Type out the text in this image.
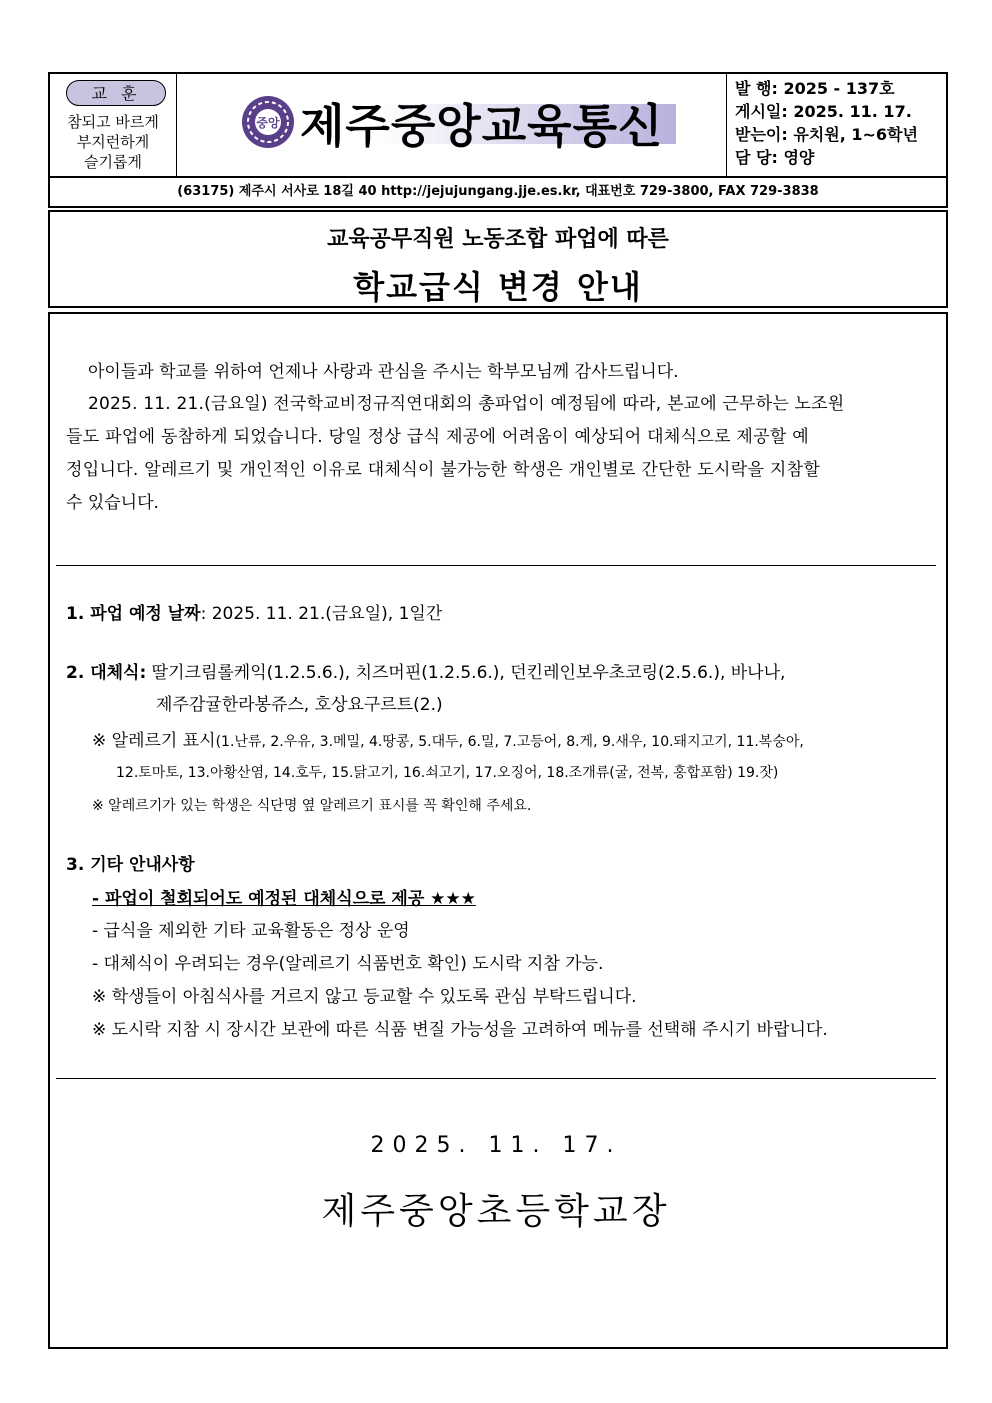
교훈
참되고 바르게
부지런하게
슬기롭게
중앙 제주중앙교육통신
발 행: 2025 - 137호
게시일: 2025. 11. 17.
받는이: 유치원, 1~6학년
담 당: 영양
(63175) 제주시 서사로 18길 40 http://jejujungang.jje.es.kr, 대표번호 729-3800, FAX 729-3838
교육공무직원 노동조합 파업에 따른
학교급식 변경 안내
아이들과 학교를 위하여 언제나 사랑과 관심을 주시는 학부모님께 감사드립니다.
2025. 11. 21.(금요일) 전국학교비정규직연대회의 총파업이 예정됨에 따라, 본교에 근무하는 노조원
들도 파업에 동참하게 되었습니다. 당일 정상 급식 제공에 어려움이 예상되어 대체식으로 제공할 예
정입니다. 알레르기 및 개인적인 이유로 대체식이 불가능한 학생은 개인별로 간단한 도시락을 지참할
수 있습니다.
1. 파업 예정 날짜: 2025. 11. 21.(금요일), 1일간
2. 대체식: 딸기크림롤케익(1.2.5.6.), 치즈머핀(1.2.5.6.), 던킨레인보우초코링(2.5.6.), 바나나,
제주감귤한라봉쥬스, 호상요구르트(2.)
※ 알레르기 표시(1.난류, 2.우유, 3.메밀, 4.땅콩, 5.대두, 6.밀, 7.고등어, 8.게, 9.새우, 10.돼지고기, 11.복숭아,
12.토마토, 13.아황산염, 14.호두, 15.닭고기, 16.쇠고기, 17.오징어, 18.조개류(굴, 전복, 홍합포함) 19.잣)
※ 알레르기가 있는 학생은 식단명 옆 알레르기 표시를 꼭 확인해 주세요.
3. 기타 안내사항
- 파업이 철회되어도 예정된 대체식으로 제공 ★★★
- 급식을 제외한 기타 교육활동은 정상 운영
- 대체식이 우려되는 경우(알레르기 식품번호 확인) 도시락 지참 가능.
※ 학생들이 아침식사를 거르지 않고 등교할 수 있도록 관심 부탁드립니다.
※ 도시락 지참 시 장시간 보관에 따른 식품 변질 가능성을 고려하여 메뉴를 선택해 주시기 바랍니다.
2025. 11. 17.
제주중앙초등학교장
